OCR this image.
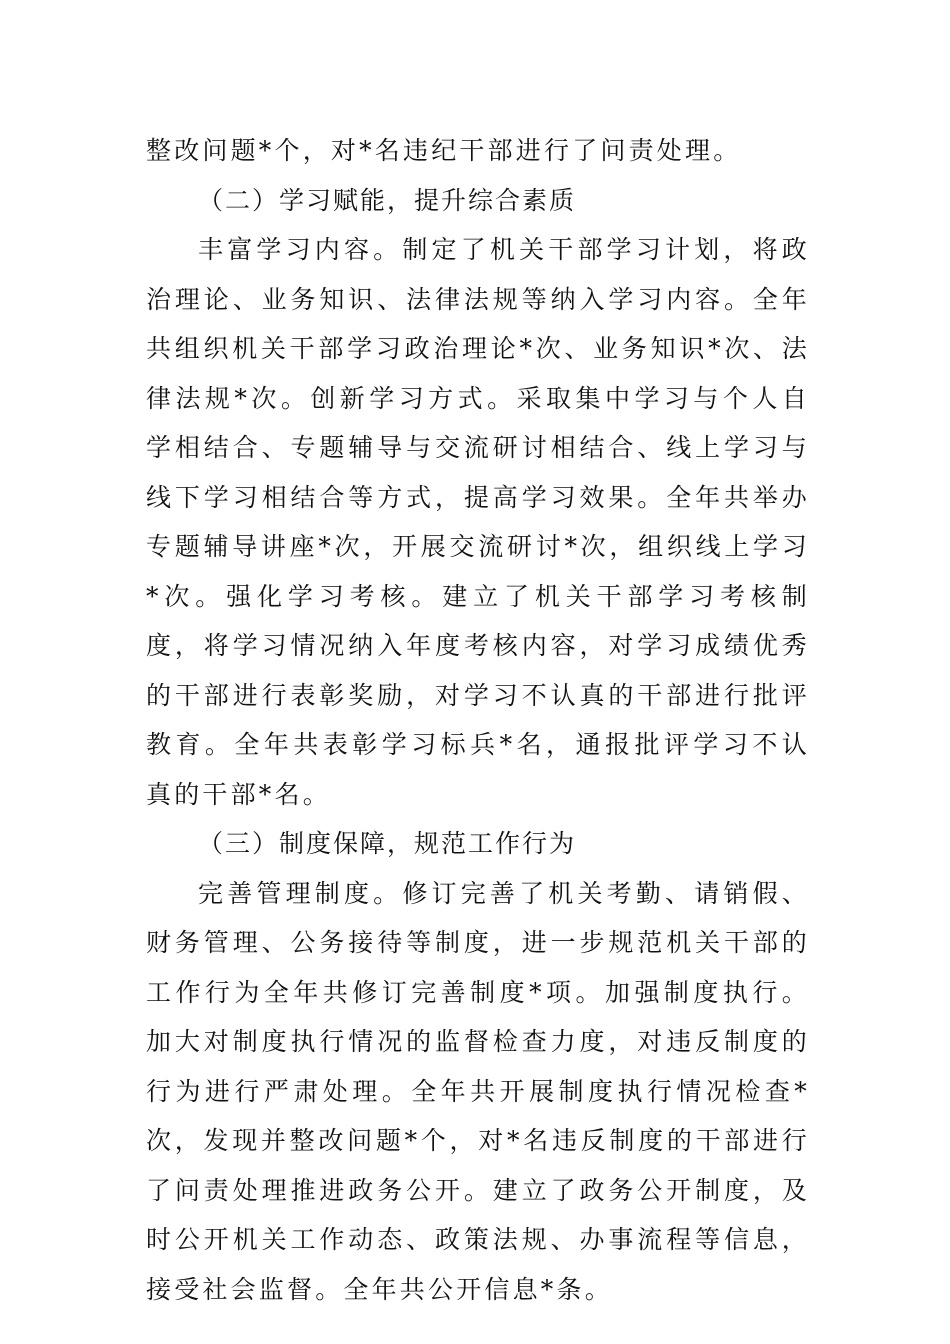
整改问题*个，对*名违纪干部进行了问责处理。

（二）学习赋能，提升综合素质

丰富学习内容。制定了机关干部学习计划，将政治理论、业务知识、法律法规等纳入学习内容。全年共组织机关干部学习政治理论*次、业务知识*次、法律法规*次。创新学习方式。采取集中学习与个人自学相结合、专题辅导与交流研讨相结合、线上学习与线下学习相结合等方式，提高学习效果。全年共举办专题辅导讲座*次，开展交流研讨*次，组织线上学习*次。强化学习考核。建立了机关干部学习考核制度，将学习情况纳入年度考核内容，对学习成绩优秀的干部进行表彰奖励，对学习不认真的干部进行批评教育。全年共表彰学习标兵*名，通报批评学习不认真的干部*名。

（三）制度保障，规范工作行为

完善管理制度。修订完善了机关考勤、请销假、财务管理、公务接待等制度，进一步规范机关干部的工作行为全年共修订完善制度*项。加强制度执行。加大对制度执行情况的监督检查力度，对违反制度的行为进行严肃处理。全年共开展制度执行情况检查*次，发现并整改问题*个，对*名违反制度的干部进行了问责处理推进政务公开。建立了政务公开制度，及时公开机关工作动态、政策法规、办事流程等信息，接受社会监督。全年共公开信息*条。
